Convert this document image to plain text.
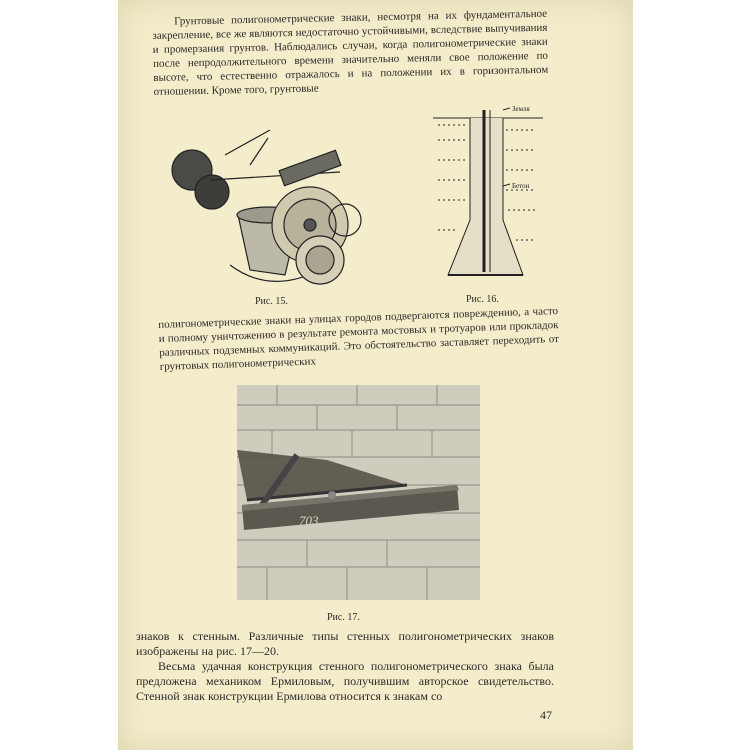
Грунтовые полигонометрические знаки, несмотря на их фундаментальное закрепление, все же являются недостаточно устойчивыми, вследствие выпучивания и промерзания грунтов. Наблюдались случаи, когда полигонометрические знаки после непродолжительного времени значительно меняли свое положение по высоте, что естественно отражалось и на положении их в горизонтальном отношении. Кроме того, грунтовые

Рис. 15.
Земля
Бетон
Рис. 16.

полигонометрические знаки на улицах городов подвергаются повреждению, а часто и полному уничтожению в результате ремонта мостовых и тротуаров или прокладок различных подземных коммуникаций. Это обстоятельство заставляет переходить от грунтовых полигонометрических

703
Рис. 17.

знаков к стенным. Различные типы стенных полигонометрических знаков изображены на рис. 17—20.

Весьма удачная конструкция стенного полигонометрического знака была предложена механиком Ермиловым, получившим авторское свидетельство. Стенной знак конструкции Ермилова относится к знакам со

47
